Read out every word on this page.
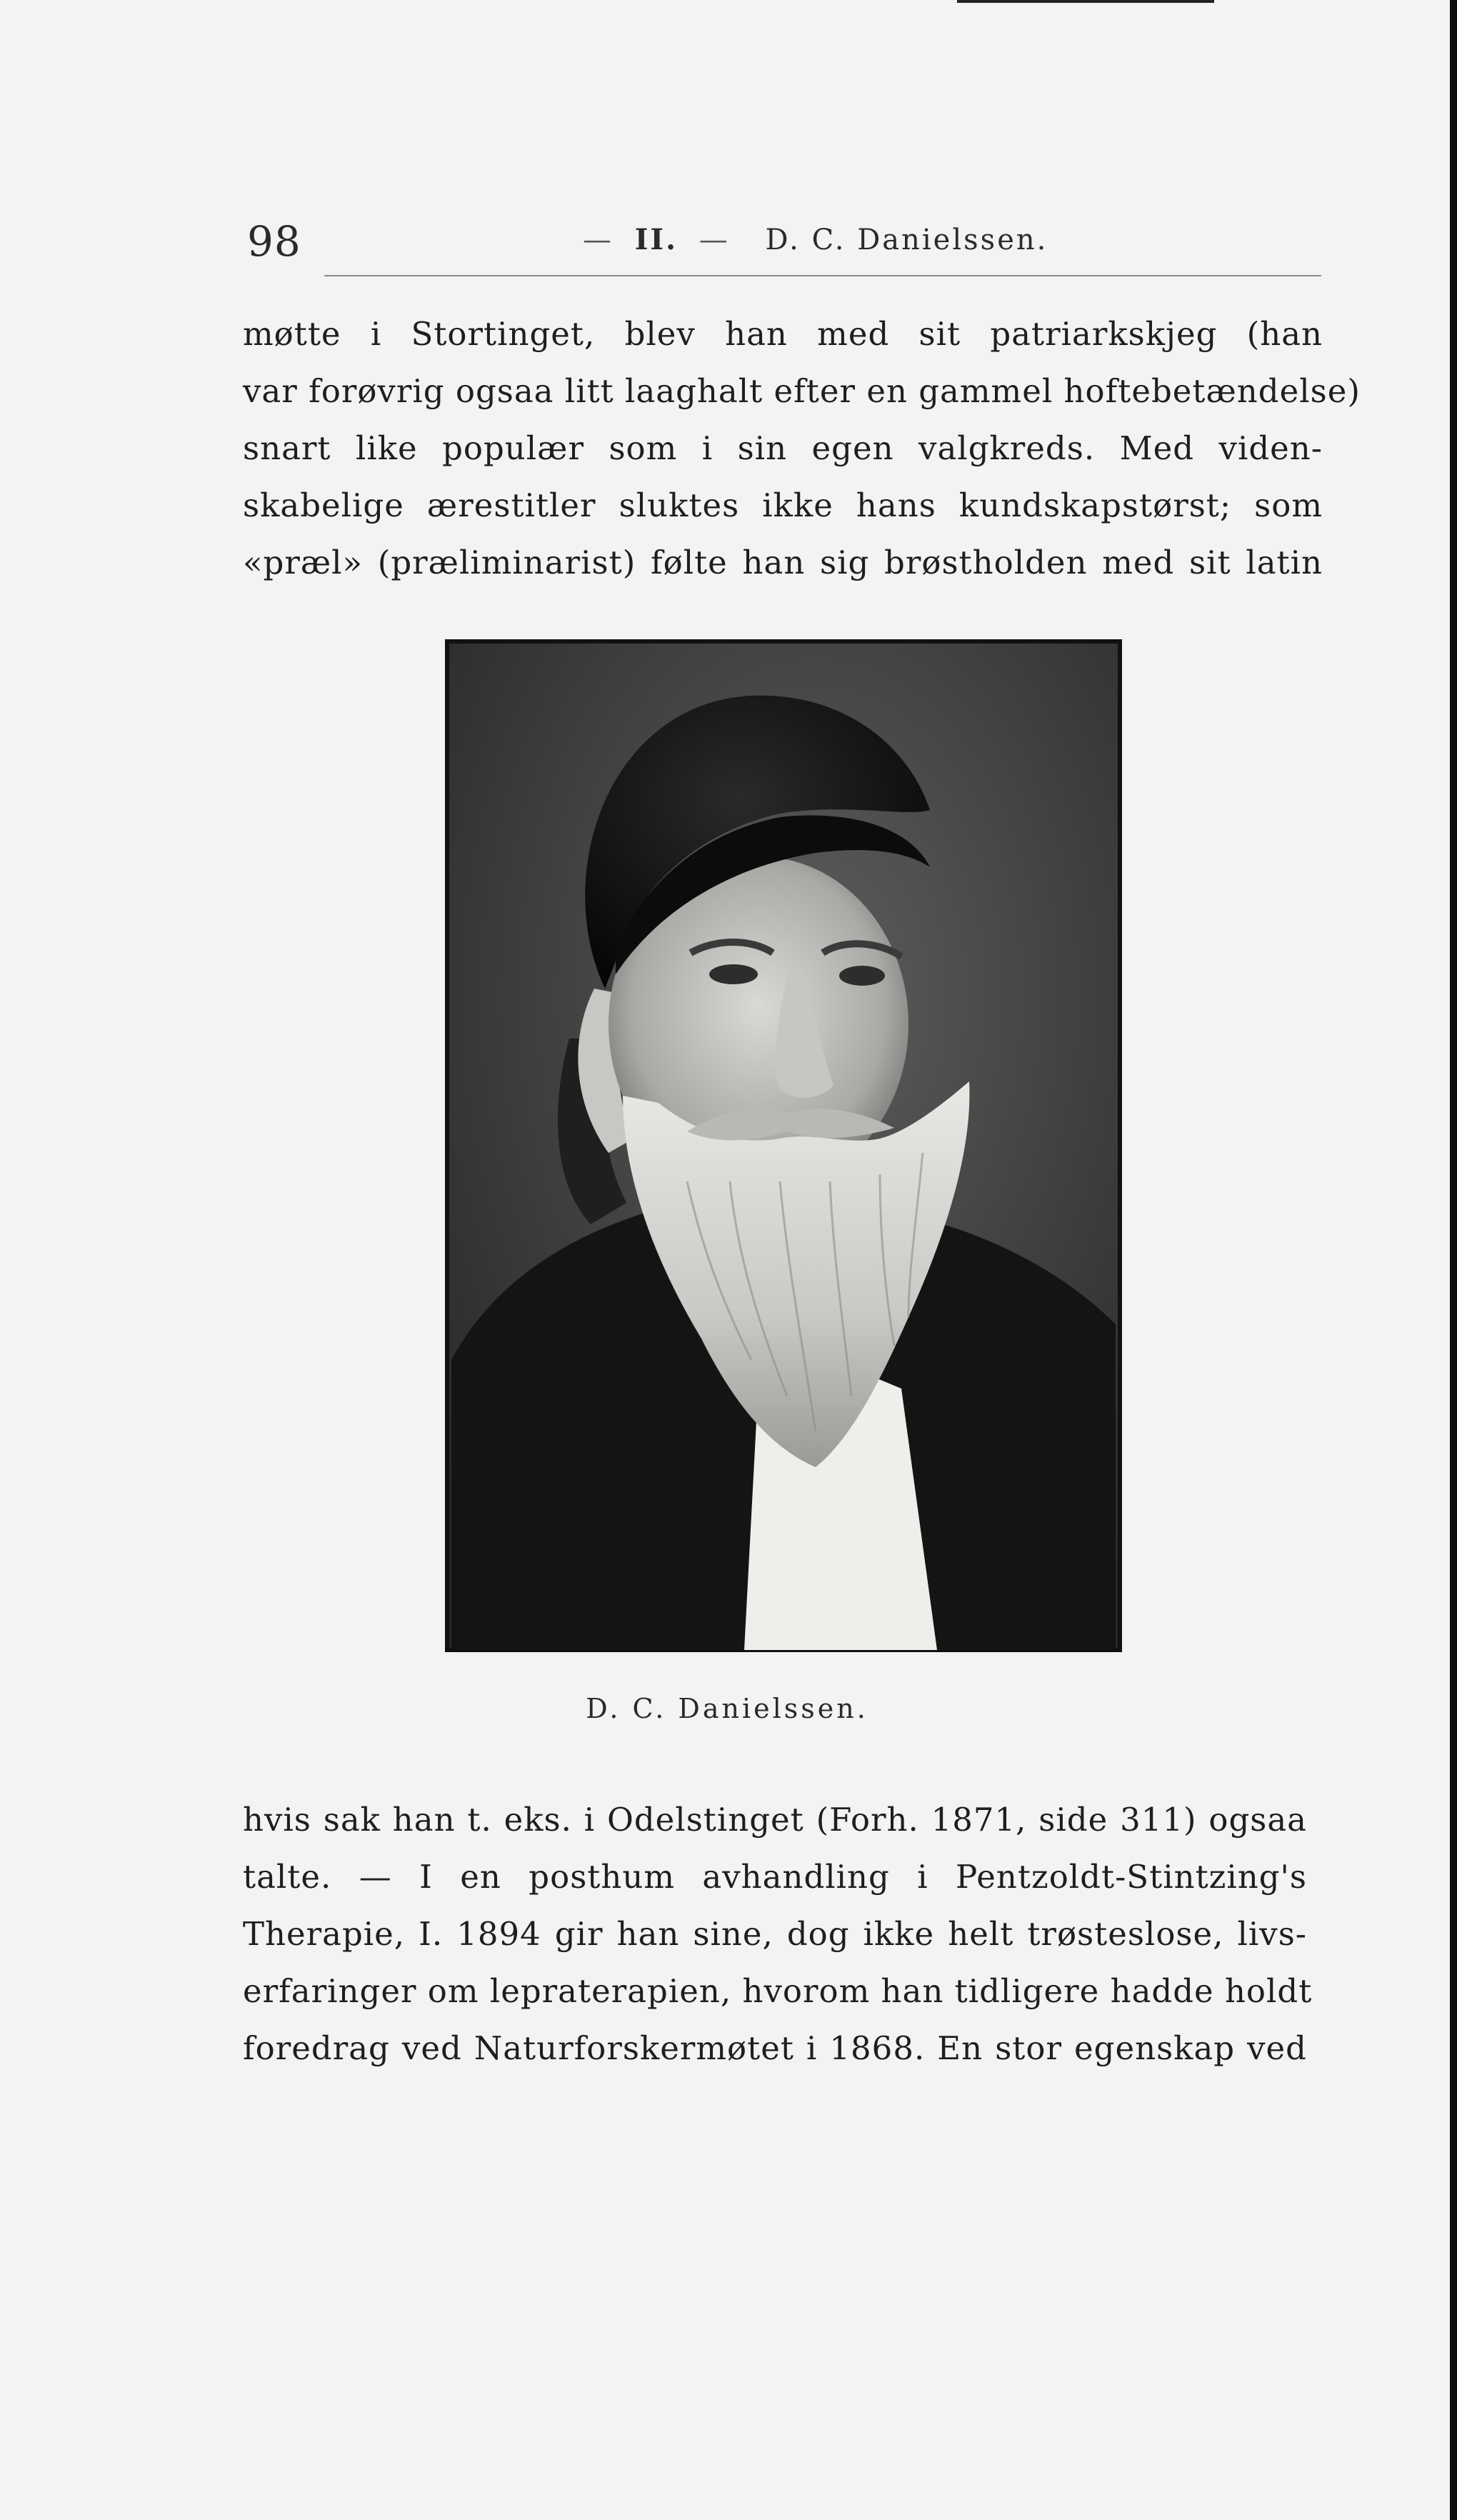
98	— II. — D. C. Danielssen.
møtte i Stortinget, blev han med sit patriarkskjeg (han
var forøvrig ogsaa litt laaghalt efter en gammel hoftebetændelse)
snart like populær som i sin egen valgkreds. Med viden-
skabelige ærestitler sluktes ikke hans kundskapstørst; som
«præl» (præliminarist) følte han sig brøstholden med sit latin
D. C. Danielssen.
hvis sak han t. eks. i Odelstinget (Forh. 1871, side 311) ogsaa
talte. — I en posthum avhandling i Pentzoldt-Stintzing's
Therapie, I. 1894 gir han sine, dog ikke helt trøsteslose, livs-
erfaringer om lepraterapien, hvorom han tidligere hadde holdt
foredrag ved Naturforskermøtet i 1868. En stor egenskap ved
